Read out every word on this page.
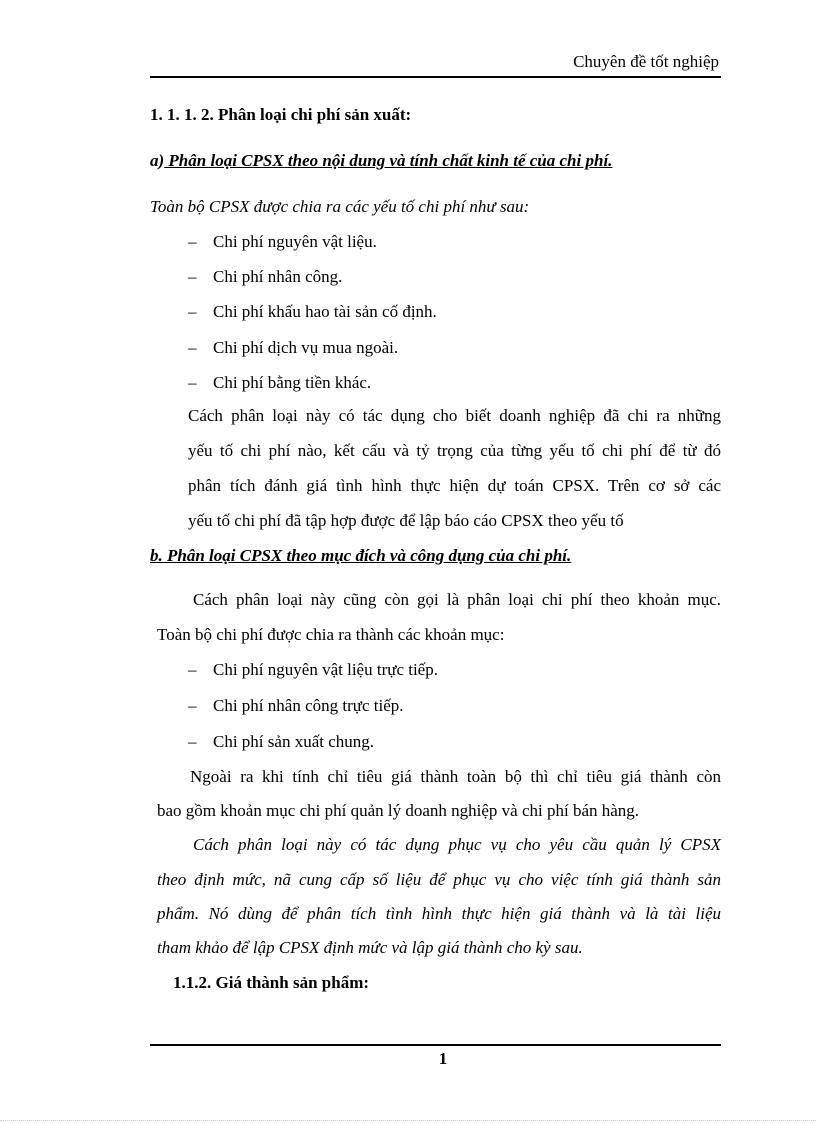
Chuyên đề tốt nghiệp
1. 1. 1. 2. Phân loại chi phí sản xuất:
a) Phân loại CPSX theo nội dung và tính chất kinh tế của chi phí.
Toàn bộ CPSX được chia ra các yếu tố chi phí như sau:
– Chi phí nguyên vật liệu.
– Chi phí nhân công.
– Chi phí khấu hao tài sản cố định.
– Chi phí dịch vụ mua ngoài.
– Chi phí bằng tiền khác.
Cách phân loại này có tác dụng cho biết doanh nghiệp đã chi ra những
yếu tố chi phí nào, kết cấu và tỷ trọng của từng yếu tố chi phí để từ đó
phân tích đánh giá tình hình thực hiện dự toán CPSX. Trên cơ sở các
yếu tố chi phí đã tập hợp được để lập báo cáo CPSX theo yếu tố
b. Phân loại CPSX theo mục đích và công dụng của chi phí.
Cách phân loại này cũng còn gọi là phân loại chi phí theo khoản mục.
Toàn bộ chi phí được chia ra thành các khoản mục:
– Chi phí nguyên vật liệu trực tiếp.
– Chi phí nhân công trực tiếp.
– Chi phí sản xuất chung.
Ngoài ra khi tính chỉ tiêu giá thành toàn bộ thì chỉ tiêu giá thành còn
bao gồm khoản mục chi phí quản lý doanh nghiệp và chi phí bán hàng.
Cách phân loại này có tác dụng phục vụ cho yêu cầu quản lý CPSX
theo định mức, nã cung cấp số liệu để phục vụ cho việc tính giá thành sản
phẩm. Nó dùng để phân tích tình hình thực hiện giá thành và là tài liệu
tham khảo để lập CPSX định mức và lập giá thành cho kỳ sau.
1.1.2. Giá thành sản phẩm:
1
